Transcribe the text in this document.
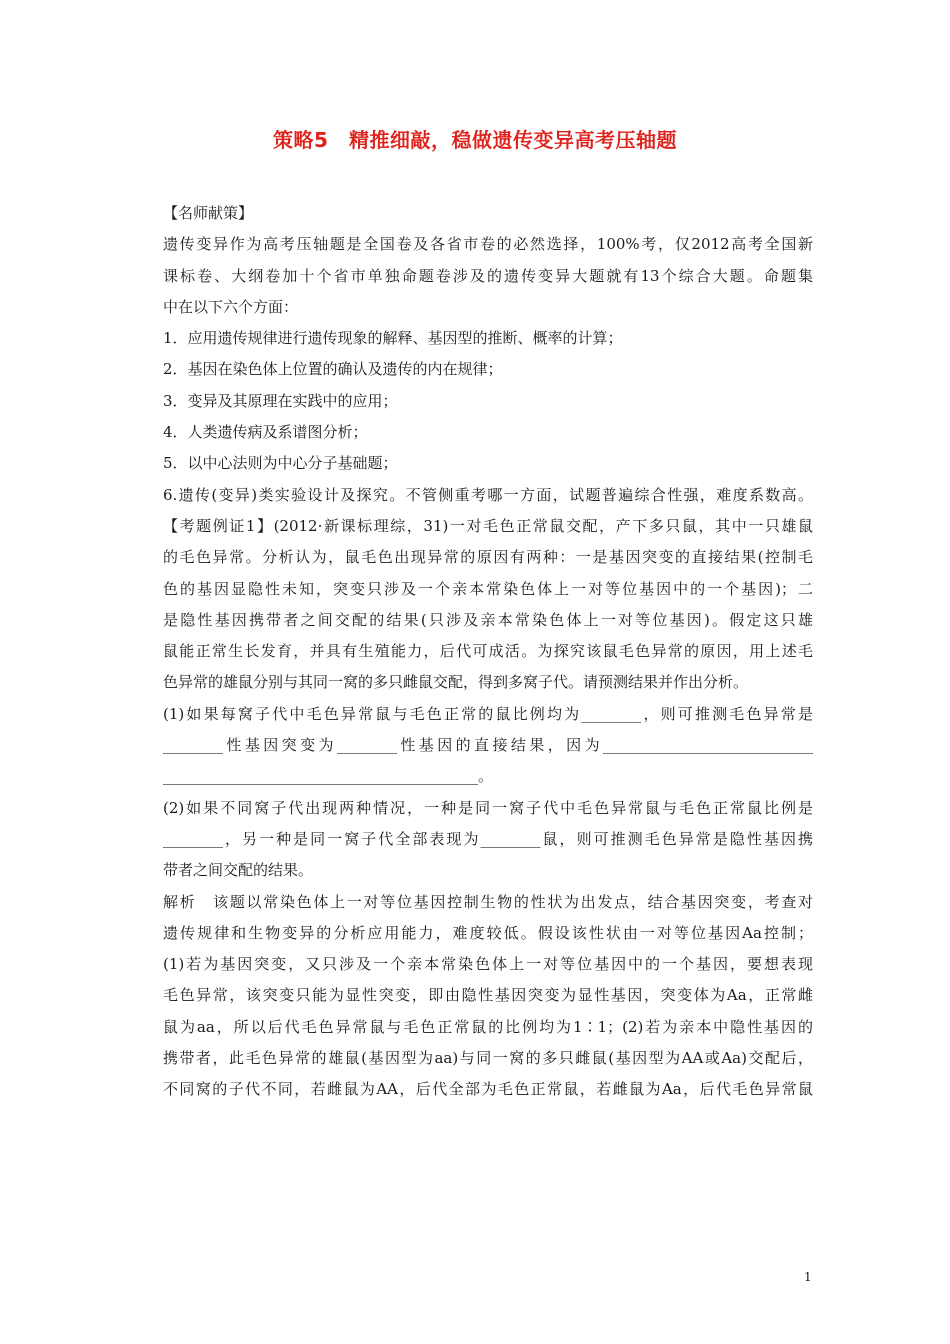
策略5　精推细敲，稳做遗传变异高考压轴题
【名师献策】
遗传变异作为高考压轴题是全国卷及各省市卷的必然选择，100%考，仅2012高考全国新
课标卷、大纲卷加十个省市单独命题卷涉及的遗传变异大题就有13个综合大题。命题集
中在以下六个方面：
1．应用遗传规律进行遗传现象的解释、基因型的推断、概率的计算；
2．基因在染色体上位置的确认及遗传的内在规律；
3．变异及其原理在实践中的应用；
4．人类遗传病及系谱图分析；
5．以中心法则为中心分子基础题；
6.遗传(变异)类实验设计及探究。不管侧重考哪一方面，试题普遍综合性强，难度系数高。
【考题例证1】(2012·新课标理综，31)一对毛色正常鼠交配，产下多只鼠，其中一只雄鼠
的毛色异常。分析认为，鼠毛色出现异常的原因有两种：一是基因突变的直接结果(控制毛
色的基因显隐性未知，突变只涉及一个亲本常染色体上一对等位基因中的一个基因)；二
是隐性基因携带者之间交配的结果(只涉及亲本常染色体上一对等位基因)。假定这只雄
鼠能正常生长发育，并具有生殖能力，后代可成活。为探究该鼠毛色异常的原因，用上述毛
色异常的雄鼠分别与其同一窝的多只雌鼠交配，得到多窝子代。请预测结果并作出分析。
(1)如果每窝子代中毛色异常鼠与毛色正常的鼠比例均为________，则可推测毛色异常是
________性基因突变为________性基因的直接结果，因为____________________________
__________________________________________。
(2)如果不同窝子代出现两种情况，一种是同一窝子代中毛色异常鼠与毛色正常鼠比例是
________，另一种是同一窝子代全部表现为________鼠，则可推测毛色异常是隐性基因携
带者之间交配的结果。
解析　该题以常染色体上一对等位基因控制生物的性状为出发点，结合基因突变，考查对
遗传规律和生物变异的分析应用能力，难度较低。假设该性状由一对等位基因Aa控制；
(1)若为基因突变，又只涉及一个亲本常染色体上一对等位基因中的一个基因，要想表现
毛色异常，该突变只能为显性突变，即由隐性基因突变为显性基因，突变体为Aa，正常雌
鼠为aa，所以后代毛色异常鼠与毛色正常鼠的比例均为1∶1；(2)若为亲本中隐性基因的
携带者，此毛色异常的雄鼠(基因型为aa)与同一窝的多只雌鼠(基因型为AA或Aa)交配后，
不同窝的子代不同，若雌鼠为AA，后代全部为毛色正常鼠，若雌鼠为Aa，后代毛色异常鼠
1
